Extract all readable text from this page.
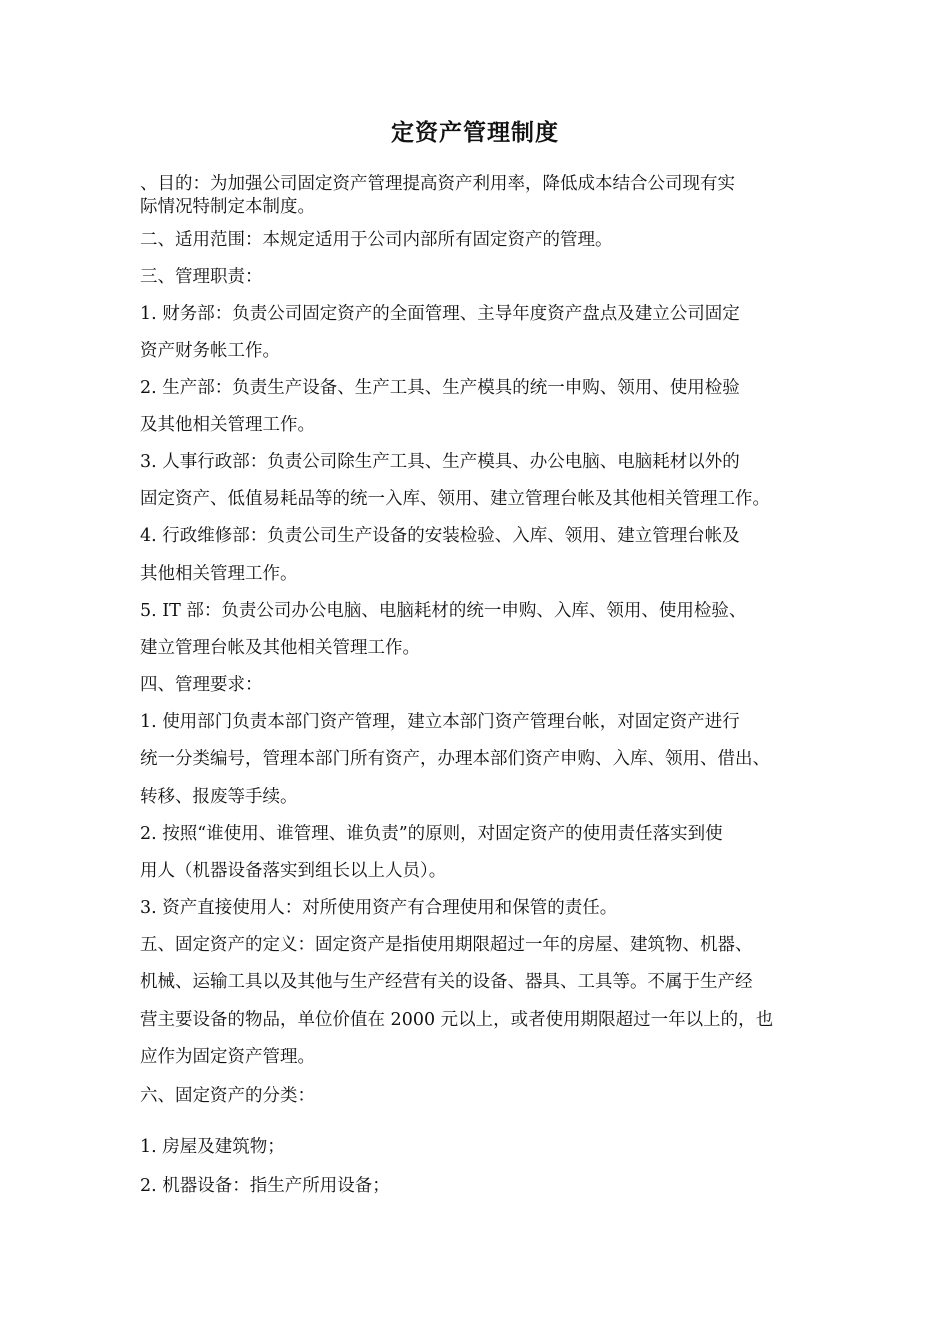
定资产管理制度
、目的：为加强公司固定资产管理提高资产利用率，降低成本结合公司现有实
际情况特制定本制度。
二、适用范围：本规定适用于公司内部所有固定资产的管理。
三、管理职责：
1. 财务部：负责公司固定资产的全面管理、主导年度资产盘点及建立公司固定
资产财务帐工作。
2. 生产部：负责生产设备、生产工具、生产模具的统一申购、领用、使用检验
及其他相关管理工作。
3. 人事行政部：负责公司除生产工具、生产模具、办公电脑、电脑耗材以外的
固定资产、低值易耗品等的统一入库、领用、建立管理台帐及其他相关管理工作。
4. 行政维修部：负责公司生产设备的安装检验、入库、领用、建立管理台帐及
其他相关管理工作。
5. IT 部：负责公司办公电脑、电脑耗材的统一申购、入库、领用、使用检验、
建立管理台帐及其他相关管理工作。
四、管理要求：
1. 使用部门负责本部门资产管理，建立本部门资产管理台帐，对固定资产进行
统一分类编号，管理本部门所有资产，办理本部们资产申购、入库、领用、借出、
转移、报废等手续。
2. 按照“谁使用、谁管理、谁负责”的原则，对固定资产的使用责任落实到使
用人（机器设备落实到组长以上人员）。
3. 资产直接使用人：对所使用资产有合理使用和保管的责任。
五、固定资产的定义：固定资产是指使用期限超过一年的房屋、建筑物、机器、
机械、运输工具以及其他与生产经营有关的设备、器具、工具等。不属于生产经
营主要设备的物品，单位价值在 2000 元以上，或者使用期限超过一年以上的，也
应作为固定资产管理。
六、固定资产的分类：
1. 房屋及建筑物；
2. 机器设备：指生产所用设备；
